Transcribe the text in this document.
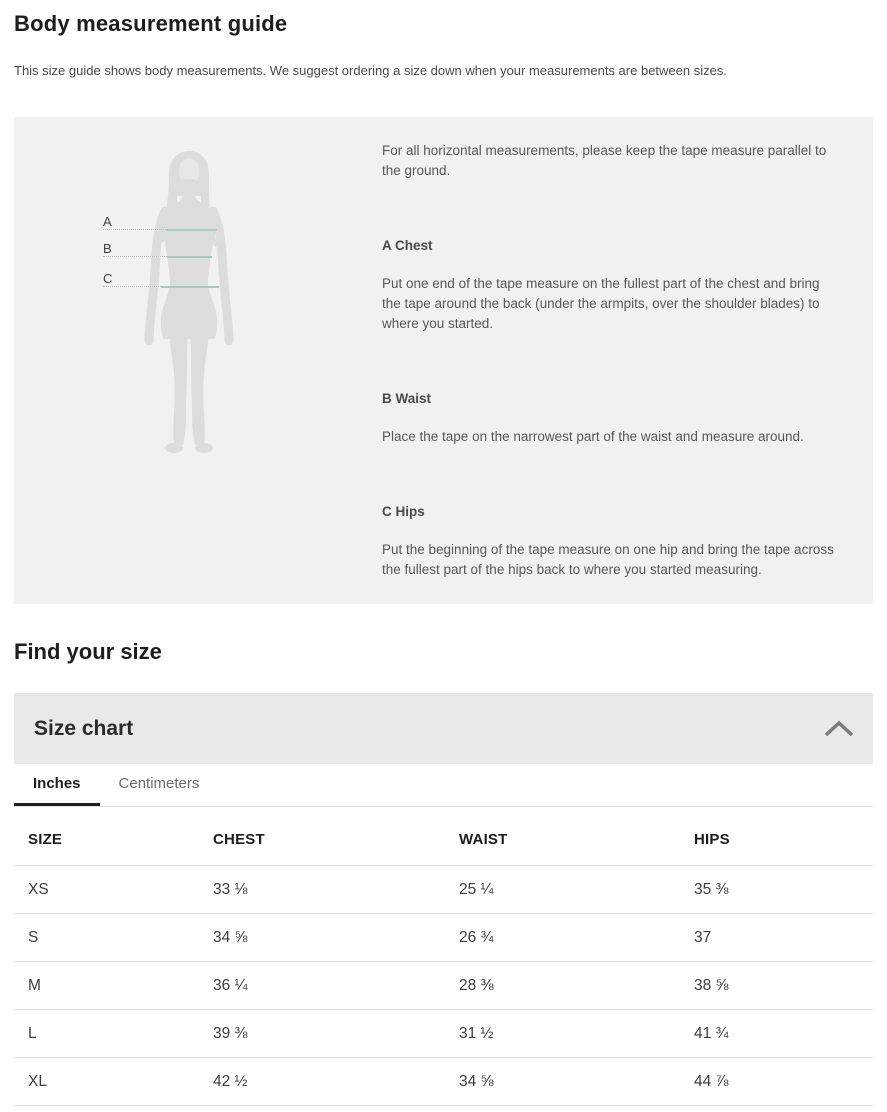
Body measurement guide

This size guide shows body measurements. We suggest ordering a size down when your measurements are between sizes.

A
B
C

For all horizontal measurements, please keep the tape measure parallel to the ground.

A Chest

Put one end of the tape measure on the fullest part of the chest and bring the tape around the back (under the armpits, over the shoulder blades) to where you started.

B Waist

Place the tape on the narrowest part of the waist and measure around.

C Hips

Put the beginning of the tape measure on one hip and bring the tape across the fullest part of the hips back to where you started measuring.

Find your size
Size chart
Inches	Centimeters
SIZE	CHEST	WAIST	HIPS
XS	33 ⅛	25 ¼	35 ⅜
S	34 ⅝	26 ¾	37
M	36 ¼	28 ⅜	38 ⅝
L	39 ⅜	31 ½	41 ¾
XL	42 ½	34 ⅝	44 ⅞
